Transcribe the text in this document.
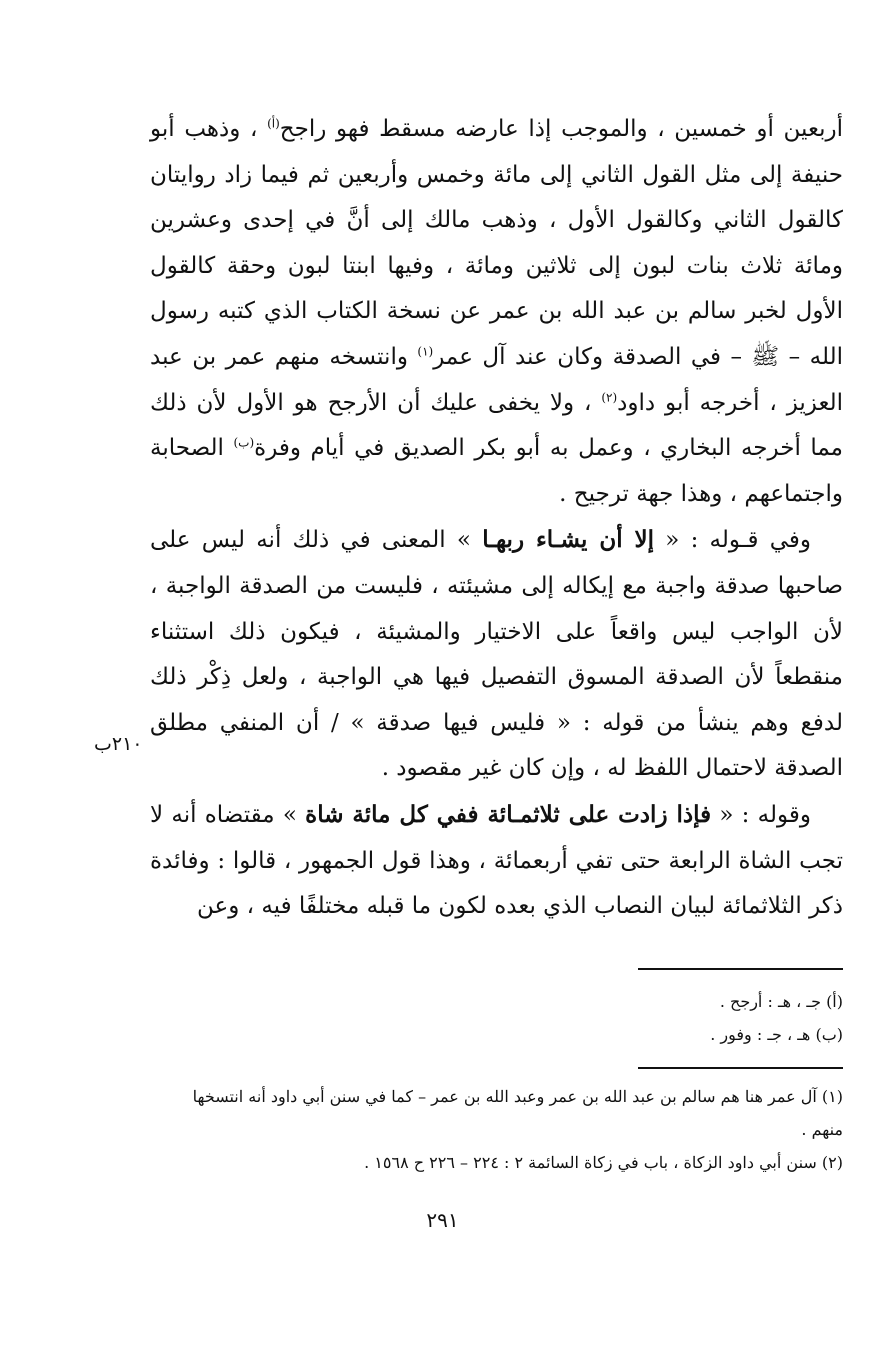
أربعين أو خمسين ، والموجب إذا عارضه مسقط فهو راجح$^{(أ)}$ ، وذهب أبو حنيفة إلى مثل القول الثاني إلى مائة وخمس وأربعين ثم فيما زاد روايتان كالقول الثاني وكالقول الأول ، وذهب مالك إلى أنَّ في إحدى وعشرين ومائة ثلاث بنات لبون إلى ثلاثين ومائة ، وفيها ابنتا لبون وحقة كالقول الأول لخبر سالم بن عبد الله بن عمر عن نسخة الكتاب الذي كتبه رسول الله – ﷺ – في الصدقة وكان عند آل عمر$^{(١)}$ وانتسخه منهم عمر بن عبد العزيز ، أخرجه أبو داود$^{(٢)}$ ، ولا يخفى عليك أن الأرجح هو الأول لأن ذلك مما أخرجه البخاري ، وعمل به أبو بكر الصديق في أيام وفرة$^{(ب)}$ الصحابة واجتماعهم ، وهذا جهة ترجيح .

وفي قـوله : « إلا أن يشـاء ربهـا » المعنى في ذلك أنه ليس على صاحبها صدقة واجبة مع إيكاله إلى مشيئته ، فليست من الصدقة الواجبة ، لأن الواجب ليس واقعاً على الاختيار والمشيئة ، فيكون ذلك استثناء منقطعاً لأن الصدقة المسوق التفصيل فيها هي الواجبة ، ولعل ذِكْر ذلك لدفع وهم ينشأ من قوله : « فليس فيها صدقة » / أن المنفي مطلق الصدقة لاحتمال اللفظ له ، وإن كان غير مقصود .

وقوله : « فإذا زادت على ثلاثمـائة ففي كل مائة شاة » مقتضاه أنه لا تجب الشاة الرابعة حتى تفي أربعمائة ، وهذا قول الجمهور ، قالوا : وفائدة ذكر الثلاثمائة لبيان النصاب الذي بعده لكون ما قبله مختلفًا فيه ، وعن

٢١٠ب

(أ) جـ ، هـ : أرجح .

(ب) هـ ، جـ : وفور .

(١) آل عمر هنا هم سالم بن عبد الله بن عمر وعبد الله بن عمر – كما في سنن أبي داود أنه انتسخها منهم .

(٢) سنن أبي داود الزكاة ، باب في زكاة السائمة ٢ : ٢٢٤ – ٢٢٦ ح ١٥٦٨ .

٢٩١
